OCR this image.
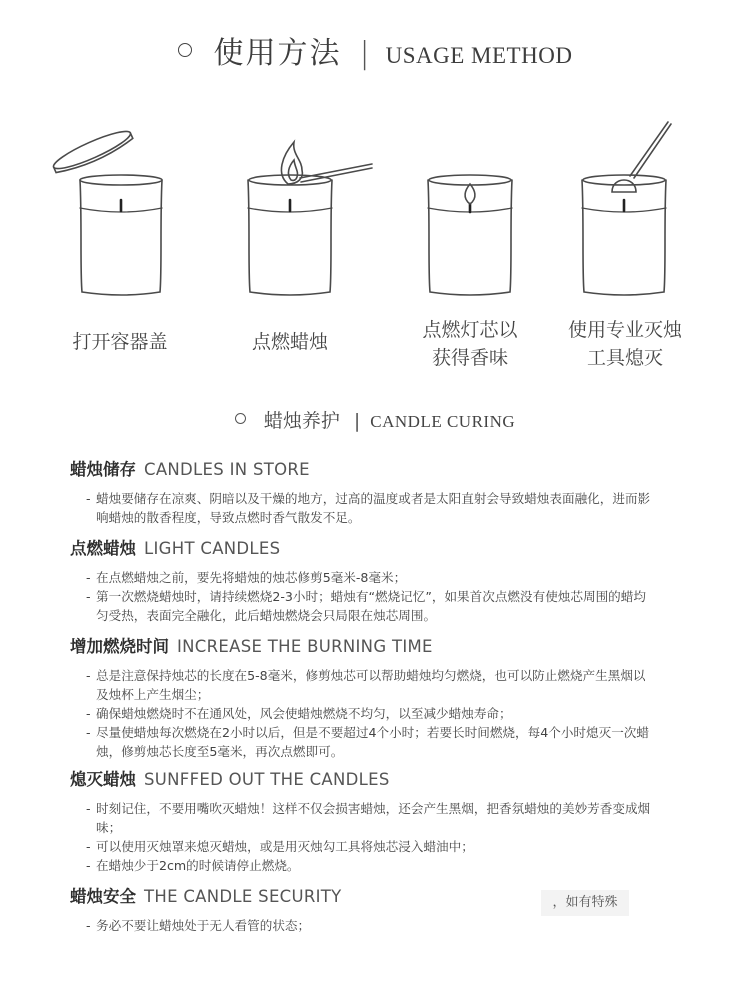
使用方法 | USAGE METHOD
打开容器盖	点燃蜡烛
点燃灯芯以
获得香味
使用专业灭烛
工具熄灭
蜡烛养护 | CANDLE CURING
蜡烛储存 CANDLES IN STORE
- 蜡烛要储存在凉爽、阴暗以及干燥的地方，过高的温度或者是太阳直射会导致蜡烛表面融化，进而影响蜡烛的散香程度，导致点燃时香气散发不足。
点燃蜡烛 LIGHT CANDLES
- 在点燃蜡烛之前，要先将蜡烛的烛芯修剪5毫米-8毫米；
- 第一次燃烧蜡烛时，请持续燃烧2-3小时；蜡烛有“燃烧记忆”，如果首次点燃没有使烛芯周围的蜡均匀受热，表面完全融化，此后蜡烛燃烧会只局限在烛芯周围。
增加燃烧时间 INCREASE THE BURNING TIME
- 总是注意保持烛芯的长度在5-8毫米，修剪烛芯可以帮助蜡烛均匀燃烧，也可以防止燃烧产生黑烟以及烛杯上产生烟尘；
- 确保蜡烛燃烧时不在通风处，风会使蜡烛燃烧不均匀，以至减少蜡烛寿命；
- 尽量使蜡烛每次燃烧在2小时以后，但是不要超过4个小时；若要长时间燃烧，每4个小时熄灭一次蜡烛，修剪烛芯长度至5毫米，再次点燃即可。
熄灭蜡烛 SUNFFED OUT THE CANDLES
- 时刻记住，不要用嘴吹灭蜡烛！这样不仅会损害蜡烛，还会产生黑烟，把香氛蜡烛的美妙芳香变成烟味；
- 可以使用灭烛罩来熄灭蜡烛，或是用灭烛勾工具将烛芯浸入蜡油中；
- 在蜡烛少于2cm的时候请停止燃烧。
蜡烛安全 THE CANDLE SECURITY
- 务必不要让蜡烛处于无人看管的状态；
，如有特殊
